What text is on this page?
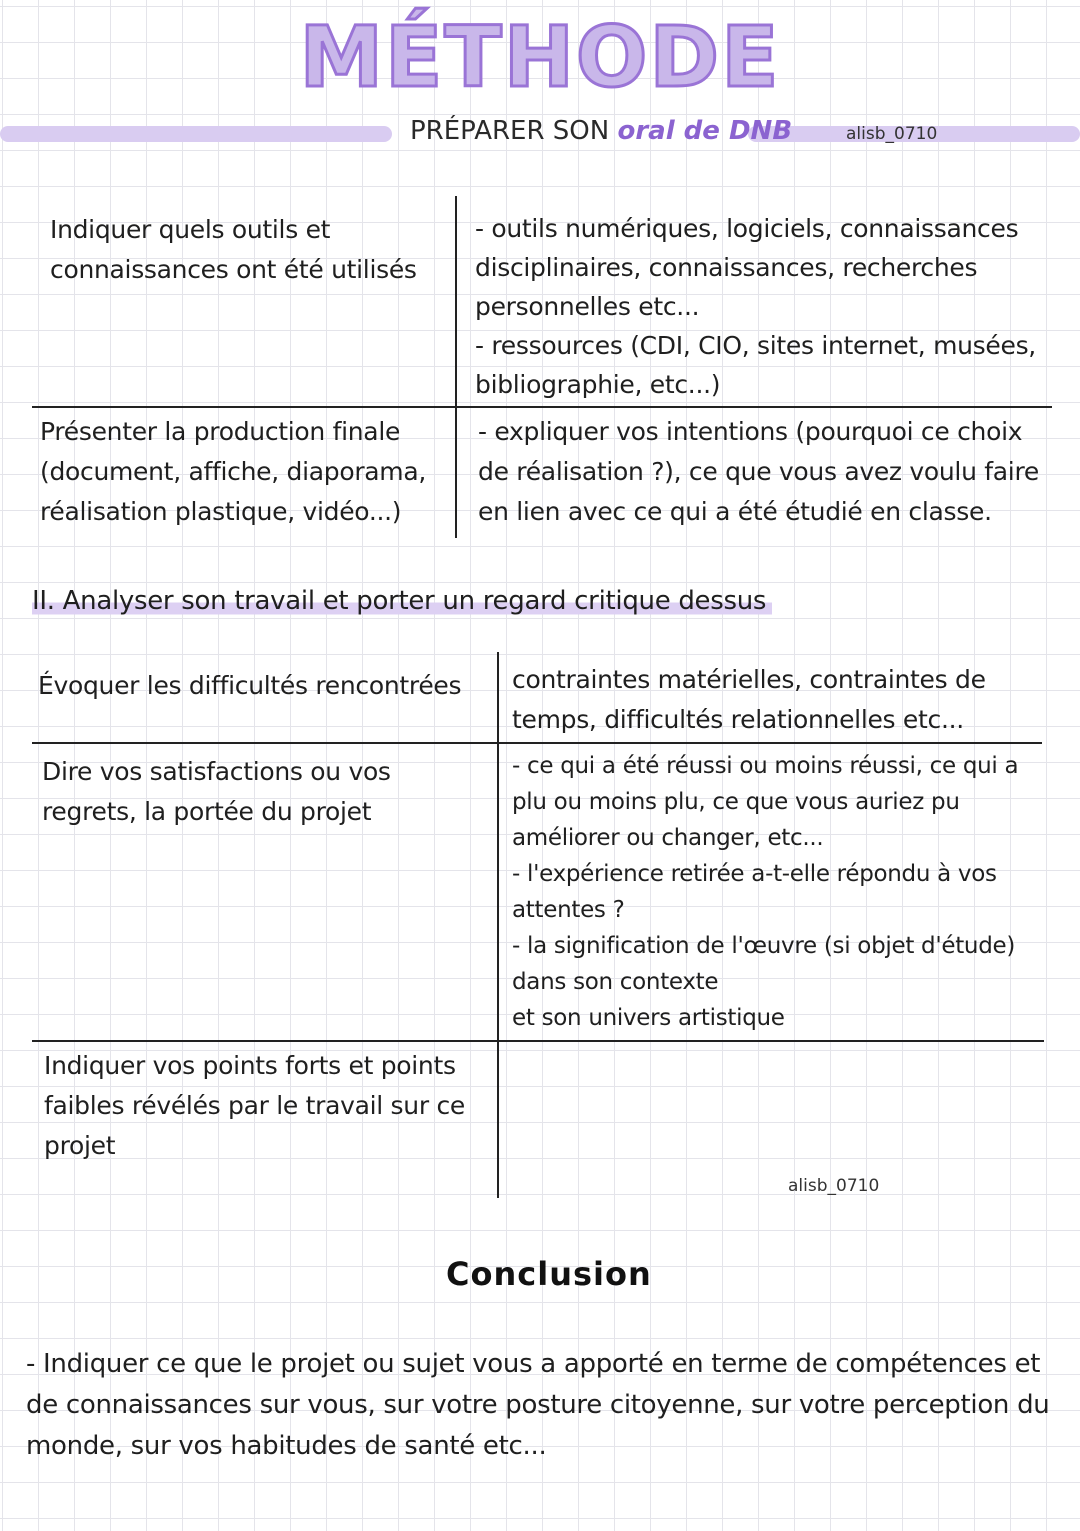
MÉTHODE
PRÉPARER SON oral de DNB	alisb_0710
Indiquer quels outils et connaissances ont été utilisés
- outils numériques, logiciels, connaissances disciplinaires, connaissances, recherches personnelles etc...
- ressources (CDI, CIO, sites internet, musées, bibliographie, etc...)
Présenter la production finale (document, affiche, diaporama, réalisation plastique, vidéo...)
- expliquer vos intentions (pourquoi ce choix de réalisation ?), ce que vous avez voulu faire en lien avec ce qui a été étudié en classe.
II. Analyser son travail et porter un regard critique dessus
Évoquer les difficultés rencontrées	contraintes matérielles, contraintes de temps, difficultés relationnelles etc...
Dire vos satisfactions ou vos regrets, la portée du projet
- ce qui a été réussi ou moins réussi, ce qui a plu ou moins plu, ce que vous auriez pu améliorer ou changer, etc...
- l'expérience retirée a-t-elle répondu à vos attentes ?
- la signification de l'œuvre (si objet d'étude) dans son contexte
et son univers artistique
Indiquer vos points forts et points faibles révélés par le travail sur ce projet
alisb_0710
Conclusion
- Indiquer ce que le projet ou sujet vous a apporté en terme de compétences et de connaissances sur vous, sur votre posture citoyenne, sur votre perception du monde, sur vos habitudes de santé etc...
